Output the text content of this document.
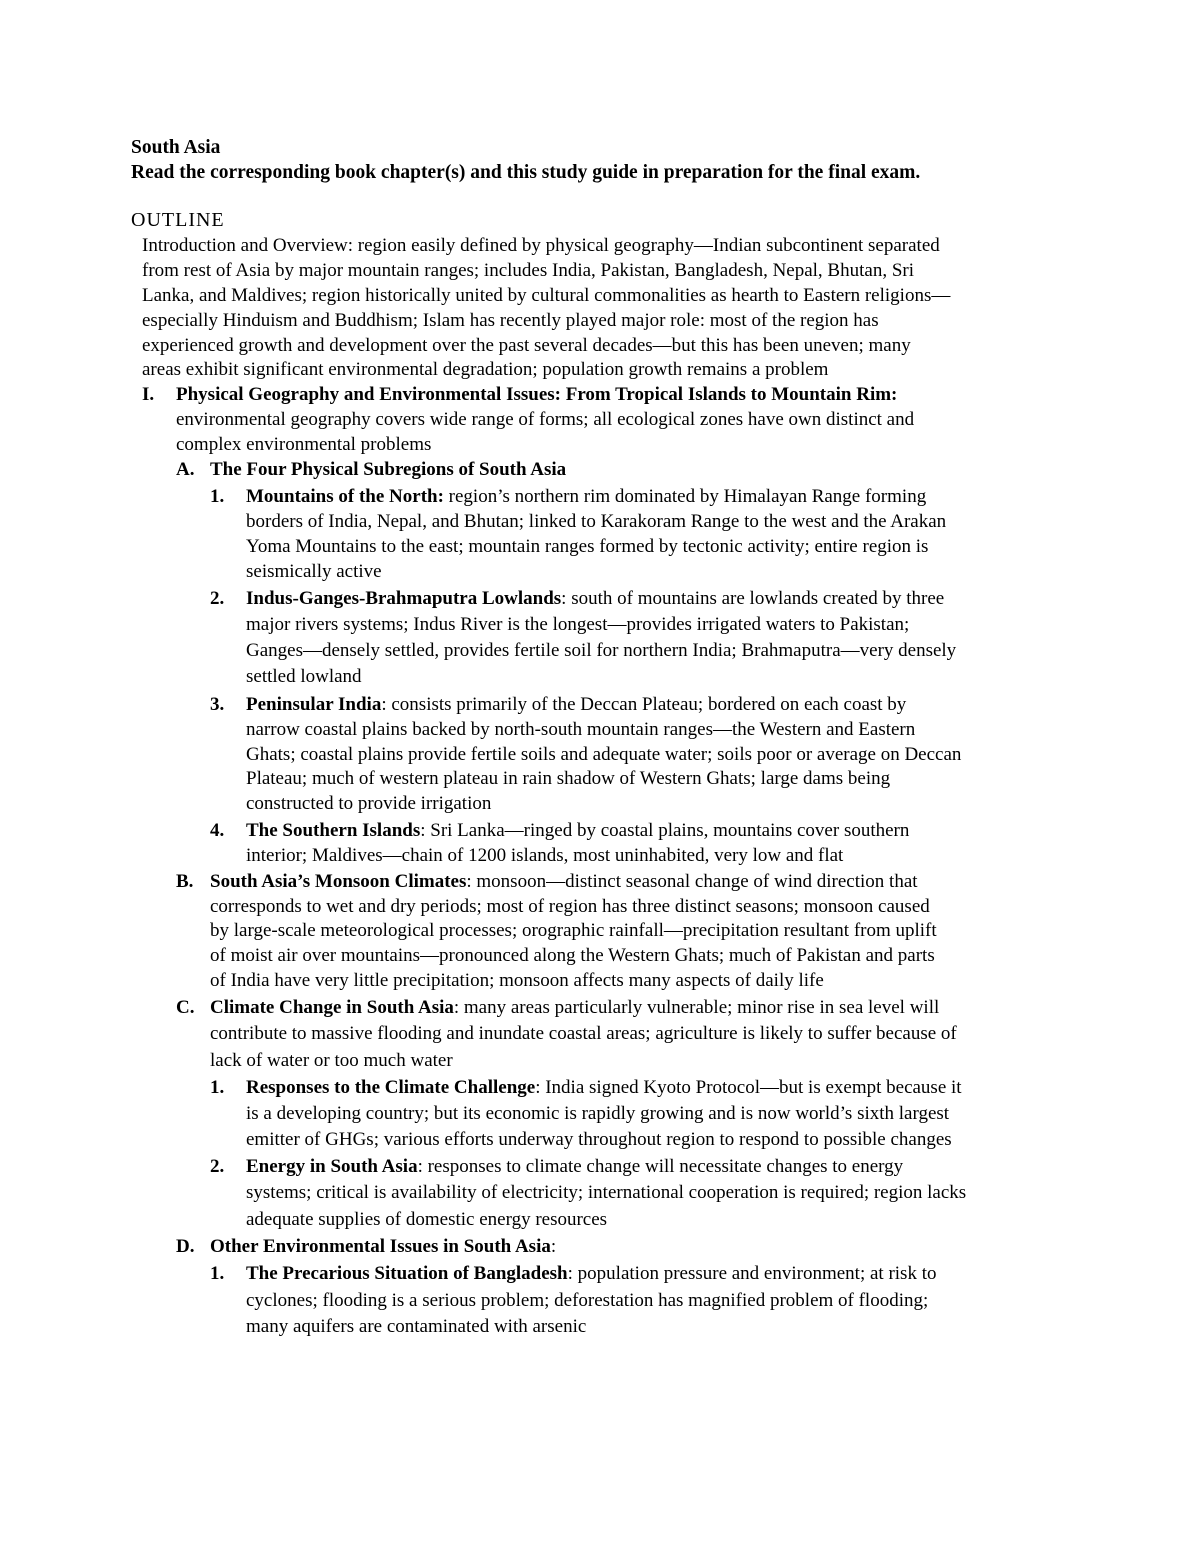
South Asia

Read the corresponding book chapter(s) and this study guide in preparation for the final exam.

OUTLINE

Introduction and Overview: region easily defined by physical geography—Indian subcontinent separated

from rest of Asia by major mountain ranges; includes India, Pakistan, Bangladesh, Nepal, Bhutan, Sri

Lanka, and Maldives; region historically united by cultural commonalities as hearth to Eastern religions—

especially Hinduism and Buddhism; Islam has recently played major role: most of the region has

experienced growth and development over the past several decades—but this has been uneven; many

areas exhibit significant environmental degradation; population growth remains a problem

I. Physical Geography and Environmental Issues: From Tropical Islands to Mountain Rim:

environmental geography covers wide range of forms; all ecological zones have own distinct and

complex environmental problems

A. The Four Physical Subregions of South Asia

1. Mountains of the North: region’s northern rim dominated by Himalayan Range forming

borders of India, Nepal, and Bhutan; linked to Karakoram Range to the west and the Arakan

Yoma Mountains to the east; mountain ranges formed by tectonic activity; entire region is

seismically active

2. Indus-Ganges-Brahmaputra Lowlands: south of mountains are lowlands created by three

major rivers systems; Indus River is the longest—provides irrigated waters to Pakistan;

Ganges—densely settled, provides fertile soil for northern India; Brahmaputra—very densely

settled lowland

3. Peninsular India: consists primarily of the Deccan Plateau; bordered on each coast by

narrow coastal plains backed by north-south mountain ranges—the Western and Eastern

Ghats; coastal plains provide fertile soils and adequate water; soils poor or average on Deccan

Plateau; much of western plateau in rain shadow of Western Ghats; large dams being

constructed to provide irrigation

4. The Southern Islands: Sri Lanka—ringed by coastal plains, mountains cover southern

interior; Maldives—chain of 1200 islands, most uninhabited, very low and flat

B. South Asia’s Monsoon Climates: monsoon—distinct seasonal change of wind direction that

corresponds to wet and dry periods; most of region has three distinct seasons; monsoon caused

by large-scale meteorological processes; orographic rainfall—precipitation resultant from uplift

of moist air over mountains—pronounced along the Western Ghats; much of Pakistan and parts

of India have very little precipitation; monsoon affects many aspects of daily life

C. Climate Change in South Asia: many areas particularly vulnerable; minor rise in sea level will

contribute to massive flooding and inundate coastal areas; agriculture is likely to suffer because of

lack of water or too much water

1. Responses to the Climate Challenge: India signed Kyoto Protocol—but is exempt because it

is a developing country; but its economic is rapidly growing and is now world’s sixth largest

emitter of GHGs; various efforts underway throughout region to respond to possible changes

2. Energy in South Asia: responses to climate change will necessitate changes to energy

systems; critical is availability of electricity; international cooperation is required; region lacks

adequate supplies of domestic energy resources

D. Other Environmental Issues in South Asia:

1. The Precarious Situation of Bangladesh: population pressure and environment; at risk to

cyclones; flooding is a serious problem; deforestation has magnified problem of flooding;

many aquifers are contaminated with arsenic
